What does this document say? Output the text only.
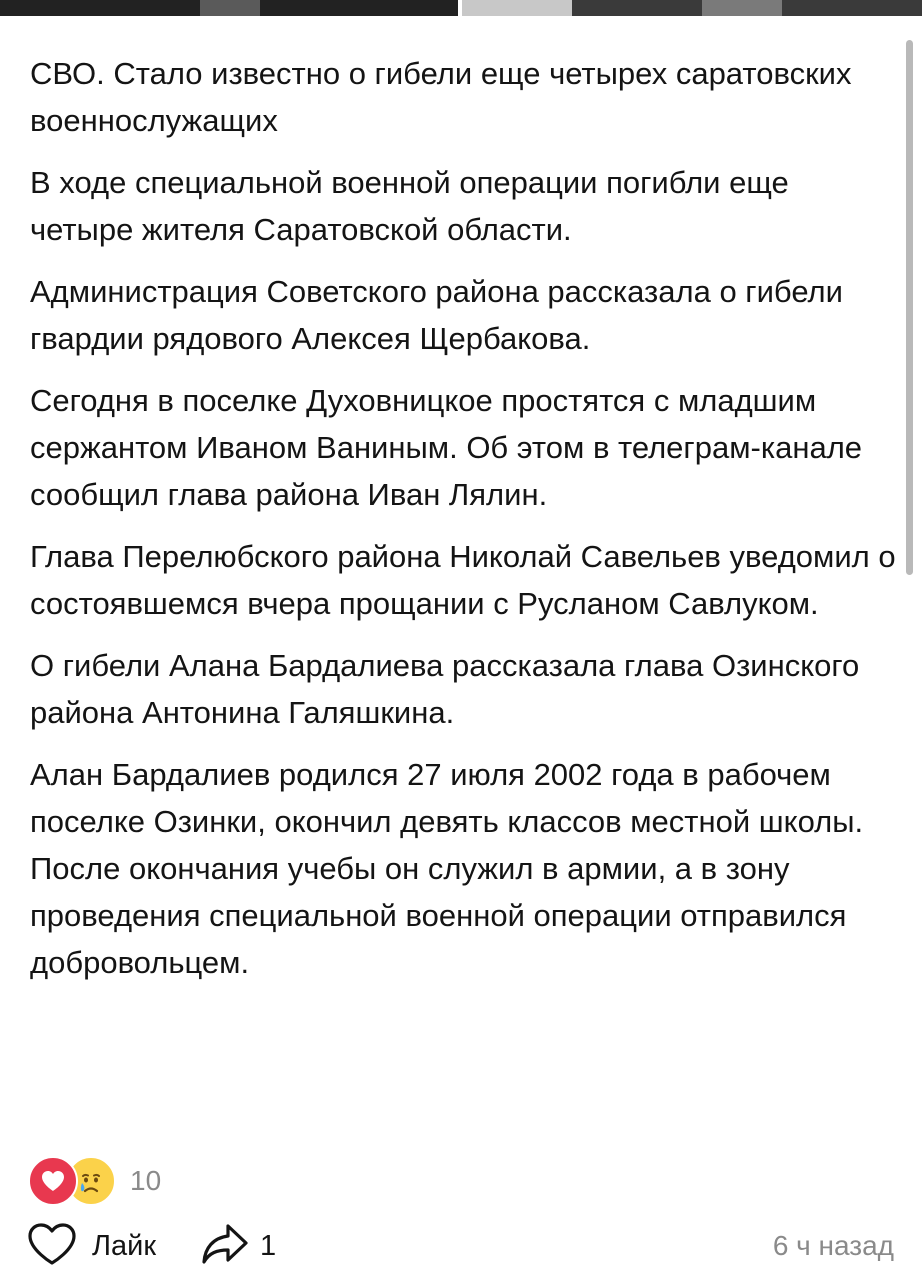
СВО. Стало известно о гибели еще четырех саратовских военнослужащих

В ходе специальной военной операции погибли еще четыре жителя Саратовской области.

Администрация Советского района рассказала о гибели гвардии рядового Алексея Щербакова.

Сегодня в поселке Духовницкое простятся с младшим сержантом Иваном Ваниным. Об этом в телеграм-канале сообщил глава района Иван Лялин.

Глава Перелюбского района Николай Савельев уведомил о состоявшемся вчера прощании с Русланом Савлуком.

О гибели Алана Бардалиева рассказала глава Озинского района Антонина Галяшкина.

Алан Бардалиев родился 27 июля 2002 года в рабочем поселке Озинки, окончил девять классов местной школы. После окончания учебы он служил в армии, а в зону проведения специальной военной операции отправился добровольцем.

10
Лайк	1	6 ч назад
